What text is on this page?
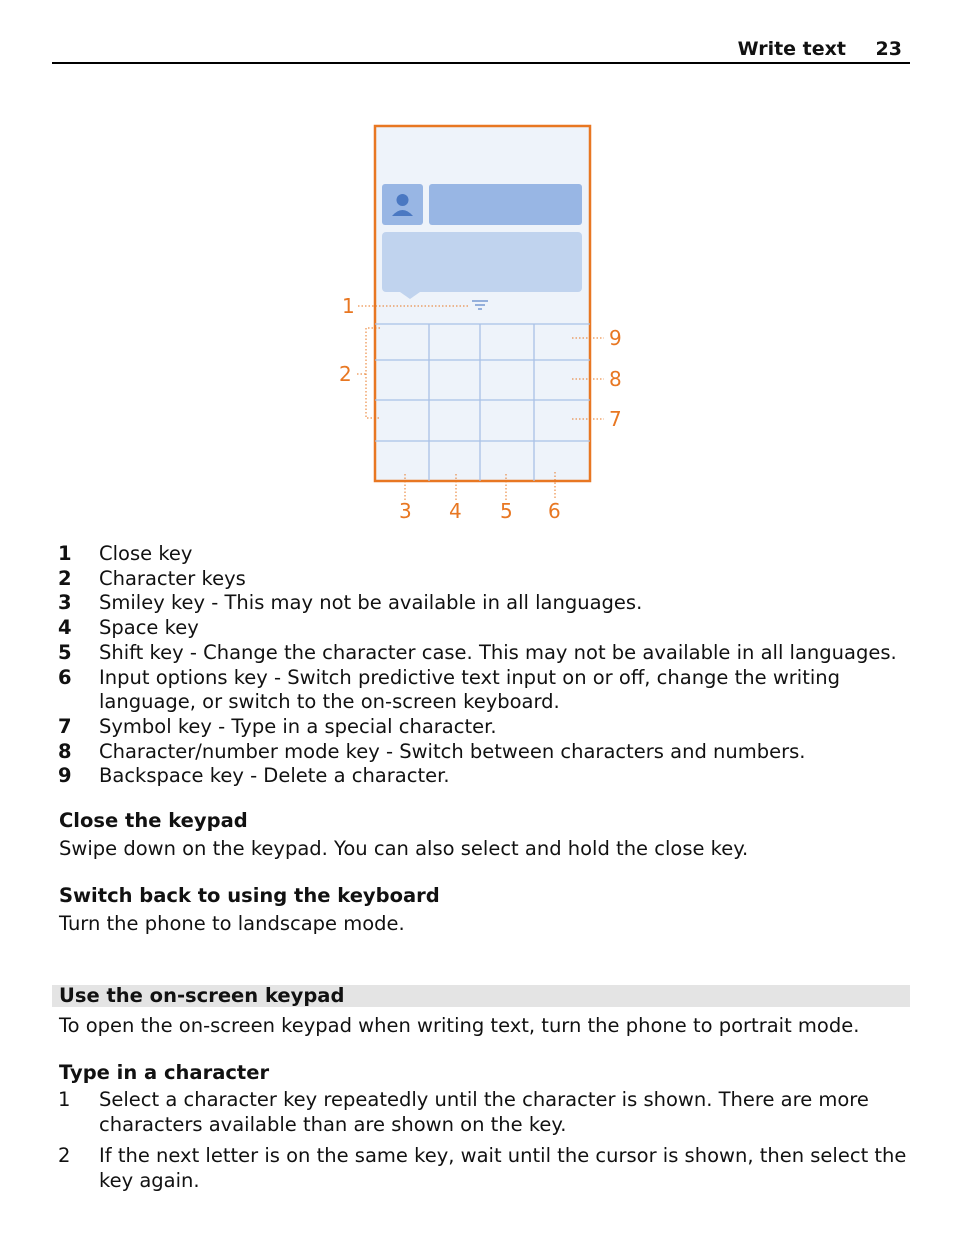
Write text 23
1
2
3 4 5 6
7
8
9
1	Close key
2	Character keys
3	Smiley key - This may not be available in all languages.
4	Space key
5	Shift key - Change the character case. This may not be available in all languages.
6	Input options key - Switch predictive text input on or off, change the writing language, or switch to the on-screen keyboard.
7	Symbol key - Type in a special character.
8	Character/number mode key - Switch between characters and numbers.
9	Backspace key - Delete a character.
Close the keypad
Swipe down on the keypad. You can also select and hold the close key.
Switch back to using the keyboard
Turn the phone to landscape mode.
Use the on-screen keypad
To open the on-screen keypad when writing text, turn the phone to portrait mode.
Type in a character
1	Select a character key repeatedly until the character is shown. There are more characters available than are shown on the key.
2	If the next letter is on the same key, wait until the cursor is shown, then select the key again.
